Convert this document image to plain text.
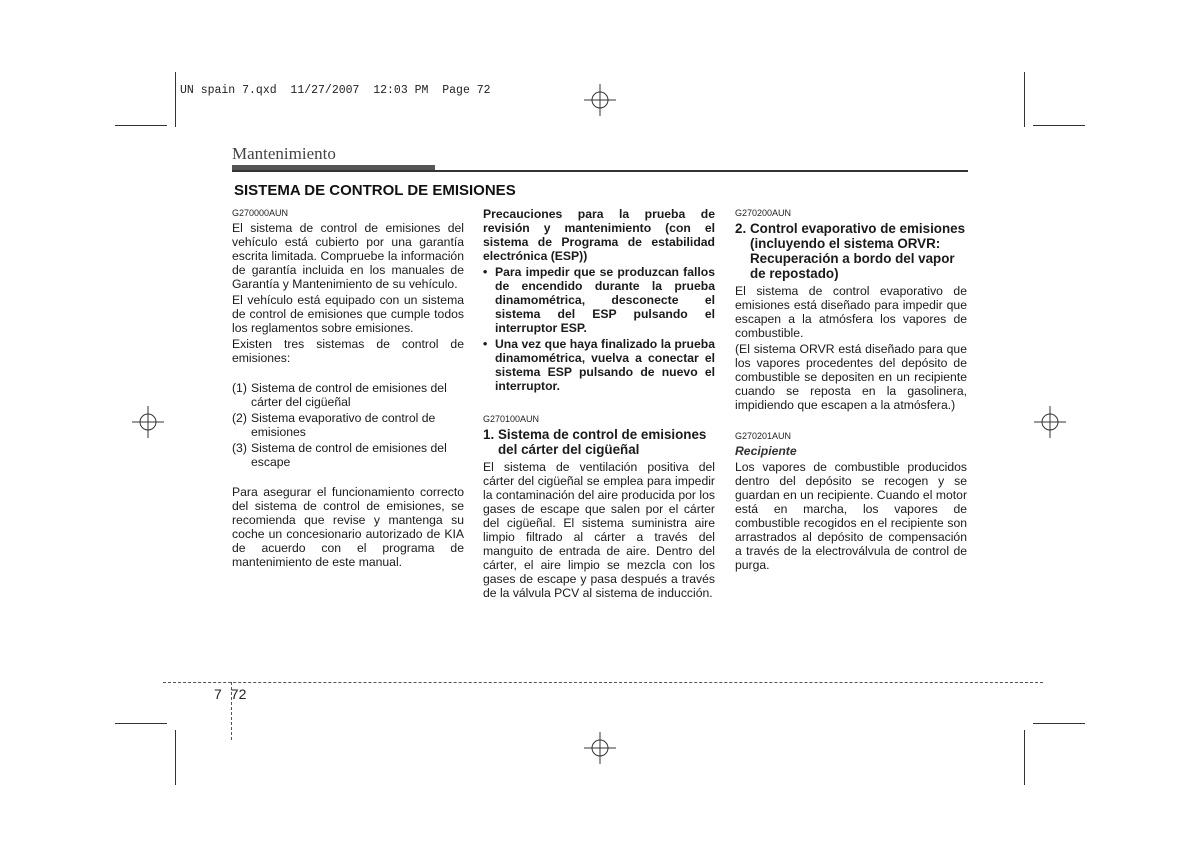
UN spain 7.qxd  11/27/2007  12:03 PM  Page 72
Mantenimiento
SISTEMA DE CONTROL DE EMISIONES
G270000AUN
El sistema de control de emisiones del vehículo está cubierto por una garantía escrita limitada. Compruebe la información de garantía incluida en los manuales de Garantía y Mantenimiento de su vehículo.
El vehículo está equipado con un sistema de control de emisiones que cumple todos los reglamentos sobre emisiones.
Existen tres sistemas de control de emisiones:
(1) Sistema de control de emisiones del cárter del cigüeñal
(2) Sistema evaporativo de control de emisiones
(3) Sistema de control de emisiones del escape
Para asegurar el funcionamiento correcto del sistema de control de emisiones, se recomienda que revise y mantenga su coche un concesionario autorizado de KIA de acuerdo con el programa de mantenimiento de este manual.
Precauciones para la prueba de revisión y mantenimiento (con el sistema de Programa de estabilidad electrónica (ESP))
• Para impedir que se produzcan fallos de encendido durante la prueba dinamométrica, desconecte el sistema del ESP pulsando el interruptor ESP.
• Una vez que haya finalizado la prueba dinamométrica, vuelva a conectar el sistema ESP pulsando de nuevo el interruptor.
G270100AUN
1. Sistema de control de emisiones del cárter del cigüeñal
El sistema de ventilación positiva del cárter del cigüeñal se emplea para impedir la contaminación del aire producida por los gases de escape que salen por el cárter del cigüeñal. El sistema suministra aire limpio filtrado al cárter a través del manguito de entrada de aire. Dentro del cárter, el aire limpio se mezcla con los gases de escape y pasa después a través de la válvula PCV al sistema de inducción.
G270200AUN
2. Control evaporativo de emisiones (incluyendo el sistema ORVR: Recuperación a bordo del vapor de repostado)
El sistema de control evaporativo de emisiones está diseñado para impedir que escapen a la atmósfera los vapores de combustible.
(El sistema ORVR está diseñado para que los vapores procedentes del depósito de combustible se depositen en un recipiente cuando se reposta en la gasolinera, impidiendo que escapen a la atmósfera.)
G270201AUN
Recipiente
Los vapores de combustible producidos dentro del depósito se recogen y se guardan en un recipiente. Cuando el motor está en marcha, los vapores de combustible recogidos en el recipiente son arrastrados al depósito de compensación a través de la electroválvula de control de purga.
7 72
